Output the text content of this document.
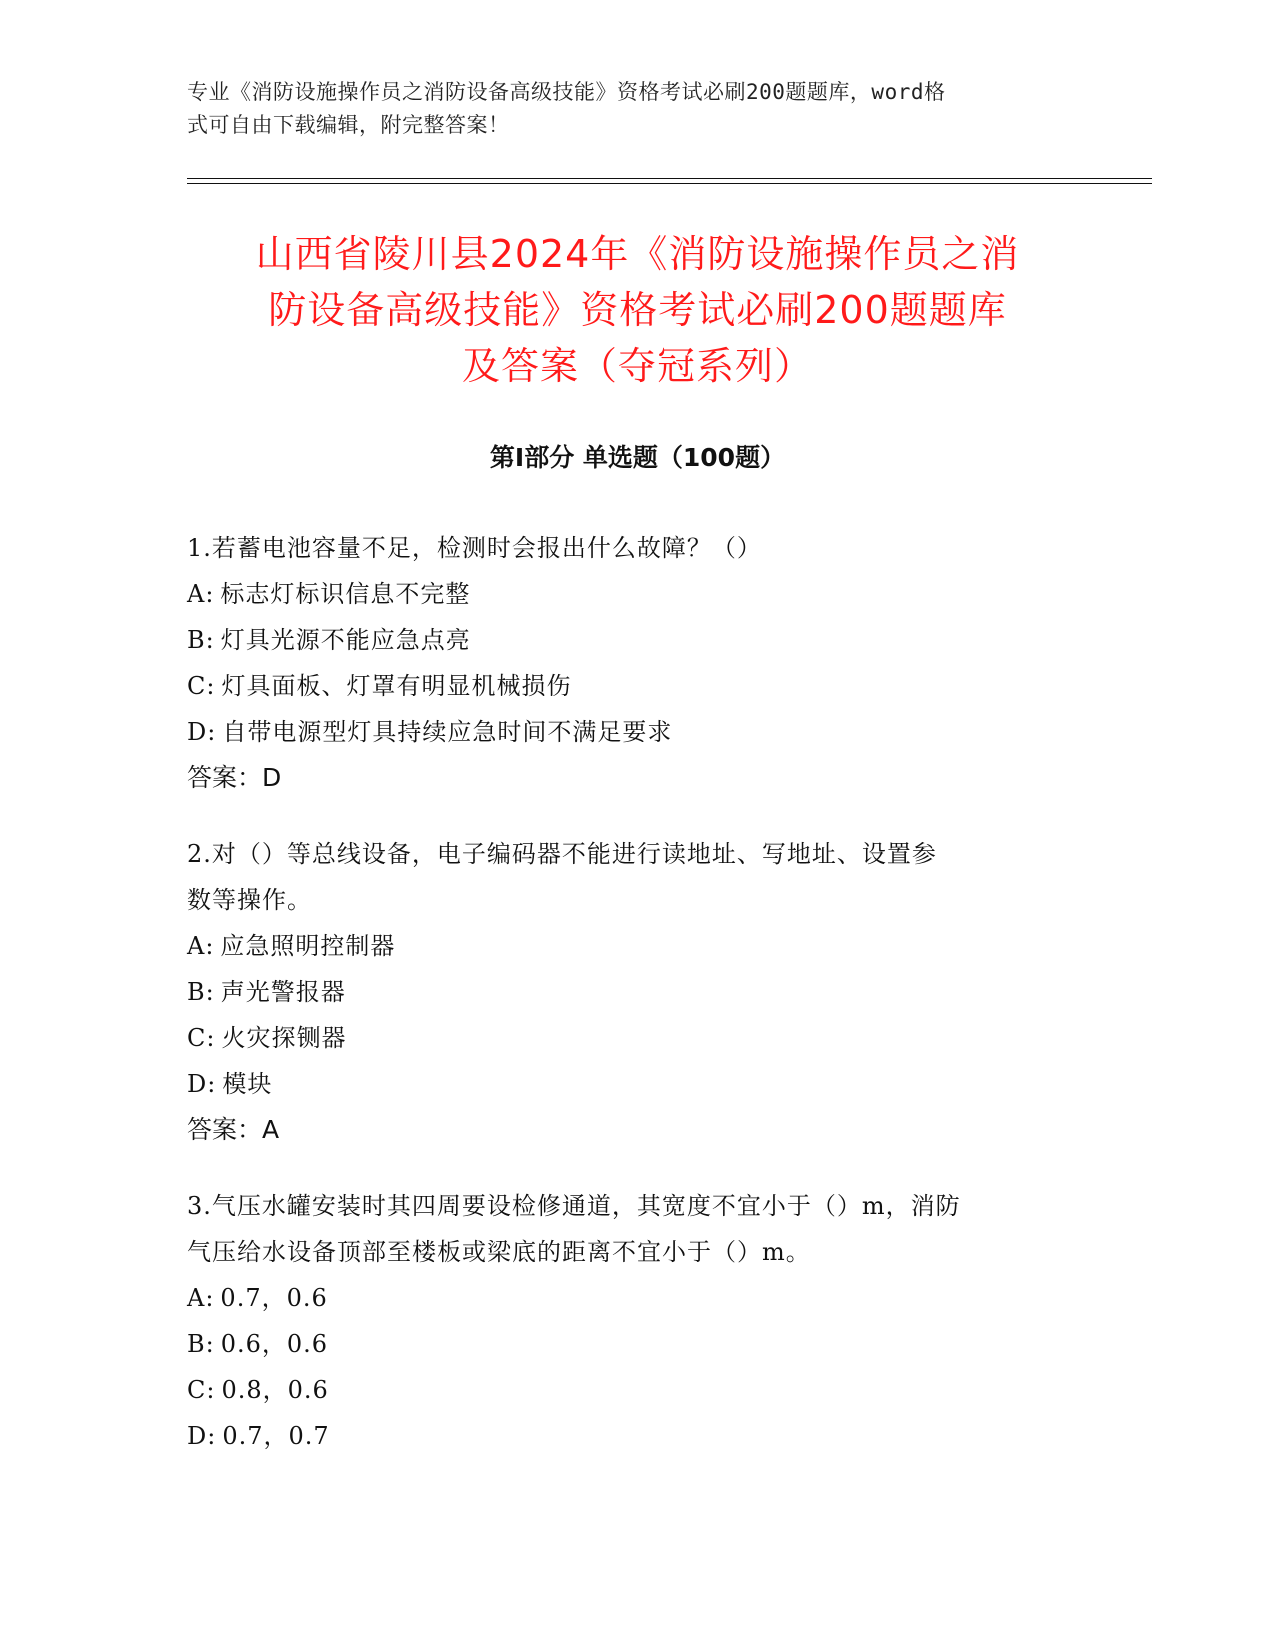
专业《消防设施操作员之消防设备高级技能》资格考试必刷200题题库，word格
式可自由下载编辑，附完整答案！
山西省陵川县2024年《消防设施操作员之消
防设备高级技能》资格考试必刷200题题库
及答案（夺冠系列）
第Ⅰ部分 单选题（100题）

1.若蓄电池容量不足，检测时会报出什么故障？（）

A: 标志灯标识信息不完整

B: 灯具光源不能应急点亮

C: 灯具面板、灯罩有明显机械损伤

D: 自带电源型灯具持续应急时间不满足要求

答案：D

2.对（）等总线设备，电子编码器不能进行读地址、写地址、设置参

数等操作。

A: 应急照明控制器

B: 声光警报器

C: 火灾探铡器

D: 模块

答案：A

3.气压水罐安装时其四周要设检修通道，其宽度不宜小于（）m，消防

气压给水设备顶部至楼板或梁底的距离不宜小于（）m。

A: 0.7，0.6

B: 0.6，0.6

C: 0.8，0.6

D: 0.7，0.7
